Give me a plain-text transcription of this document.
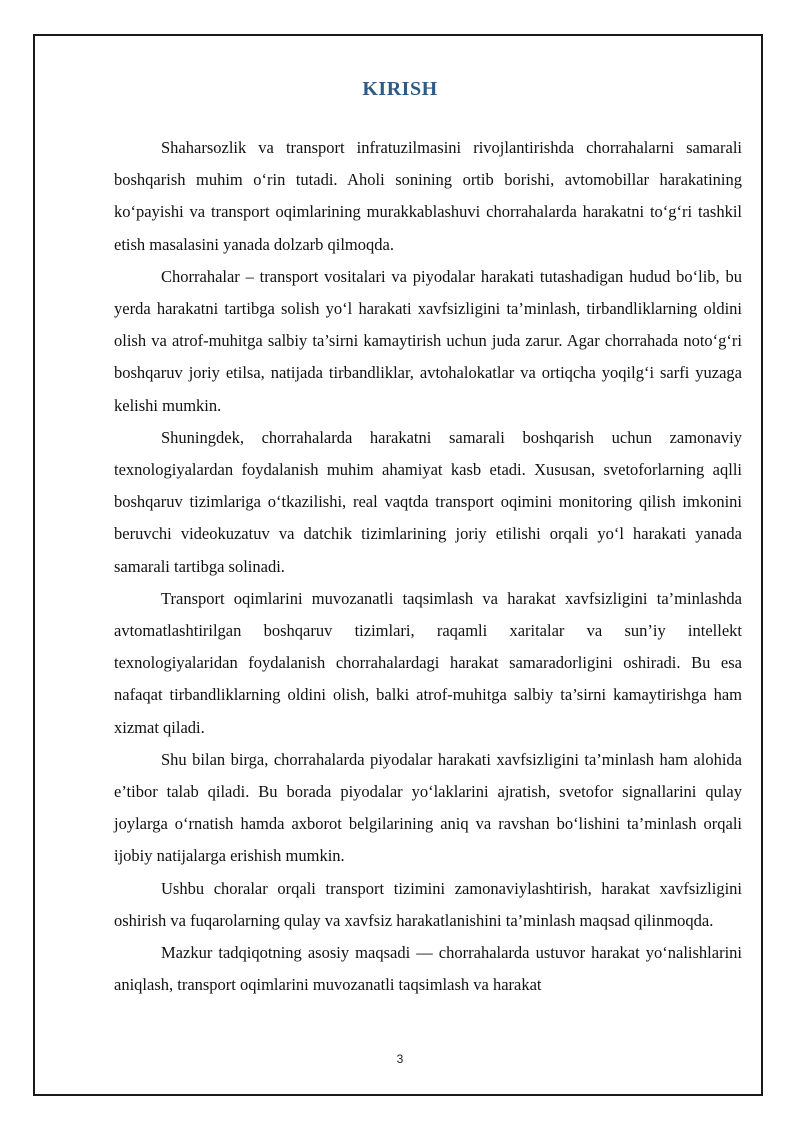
KIRISH

Shaharsozlik va transport infratuzilmasini rivojlantirishda chorrahalarni samarali boshqarish muhim o‘rin tutadi. Aholi sonining ortib borishi, avtomobillar harakatining ko‘payishi va transport oqimlarining murakkablashuvi chorrahalarda harakatni to‘g‘ri tashkil etish masalasini yanada dolzarb qilmoqda.

Chorrahalar – transport vositalari va piyodalar harakati tutashadigan hudud bo‘lib, bu yerda harakatni tartibga solish yo‘l harakati xavfsizligini ta’minlash, tirbandliklarning oldini olish va atrof-muhitga salbiy ta’sirni kamaytirish uchun juda zarur. Agar chorrahada noto‘g‘ri boshqaruv joriy etilsa, natijada tirbandliklar, avtohalokatlar va ortiqcha yoqilg‘i sarfi yuzaga kelishi mumkin.

Shuningdek, chorrahalarda harakatni samarali boshqarish uchun zamonaviy texnologiyalardan foydalanish muhim ahamiyat kasb etadi. Xususan, svetoforlarning aqlli boshqaruv tizimlariga o‘tkazilishi, real vaqtda transport oqimini monitoring qilish imkonini beruvchi videokuzatuv va datchik tizimlarining joriy etilishi orqali yo‘l harakati yanada samarali tartibga solinadi.

Transport oqimlarini muvozanatli taqsimlash va harakat xavfsizligini ta’minlashda avtomatlashtirilgan boshqaruv tizimlari, raqamli xaritalar va sun’iy intellekt texnologiyalaridan foydalanish chorrahalardagi harakat samaradorligini oshiradi. Bu esa nafaqat tirbandliklarning oldini olish, balki atrof-muhitga salbiy ta’sirni kamaytirishga ham xizmat qiladi.

Shu bilan birga, chorrahalarda piyodalar harakati xavfsizligini ta’minlash ham alohida e’tibor talab qiladi. Bu borada piyodalar yo‘laklarini ajratish, svetofor signallarini qulay joylarga o‘rnatish hamda axborot belgilarining aniq va ravshan bo‘lishini ta’minlash orqali ijobiy natijalarga erishish mumkin.

Ushbu choralar orqali transport tizimini zamonaviylashtirish, harakat xavfsizligini oshirish va fuqarolarning qulay va xavfsiz harakatlanishini ta’minlash maqsad qilinmoqda.

Mazkur tadqiqotning asosiy maqsadi — chorrahalarda ustuvor harakat yo‘nalishlarini aniqlash, transport oqimlarini muvozanatli taqsimlash va harakat

3
